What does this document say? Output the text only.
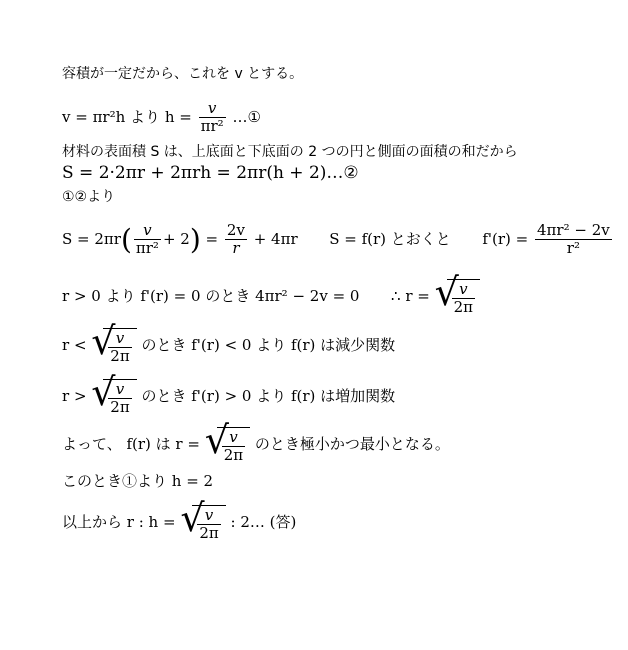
容積が一定だから、これを v とする。
v = πr²h より $h = \frac{v}{\text{πr²}}$ …①
材料の表面積 S は、上底面と下底面の 2 つの円と側面の面積の和だから
S = 2·2πr + 2πrh = 2πr(h + 2)…②
①②より
$S = 2\pi r( \frac{v}{\text{πr²}} + 2) = \frac{2v}{r} + 4\pi r$ S = f(r) とおくと $f'(r) = \frac{\text{4πr² − 2v}}{\text{r²}}$
r > 0 より f'(r) = 0 のとき 4πr² − 2v = 0 ∴ r = √
$\frac{v}{2\pi}$
r < √
$\frac{v}{2\pi}$ のとき f'(r) < 0 より f(r) は減少関数
r > √
$\frac{v}{2\pi}$ のとき f'(r) > 0 より f(r) は増加関数
よって、 f(r) は r = √
$\frac{v}{2\pi}$ のとき極小かつ最小となる。
このとき①より h = 2
以上から r : h = √
$\frac{v}{2\pi}$ : 2… (答)
